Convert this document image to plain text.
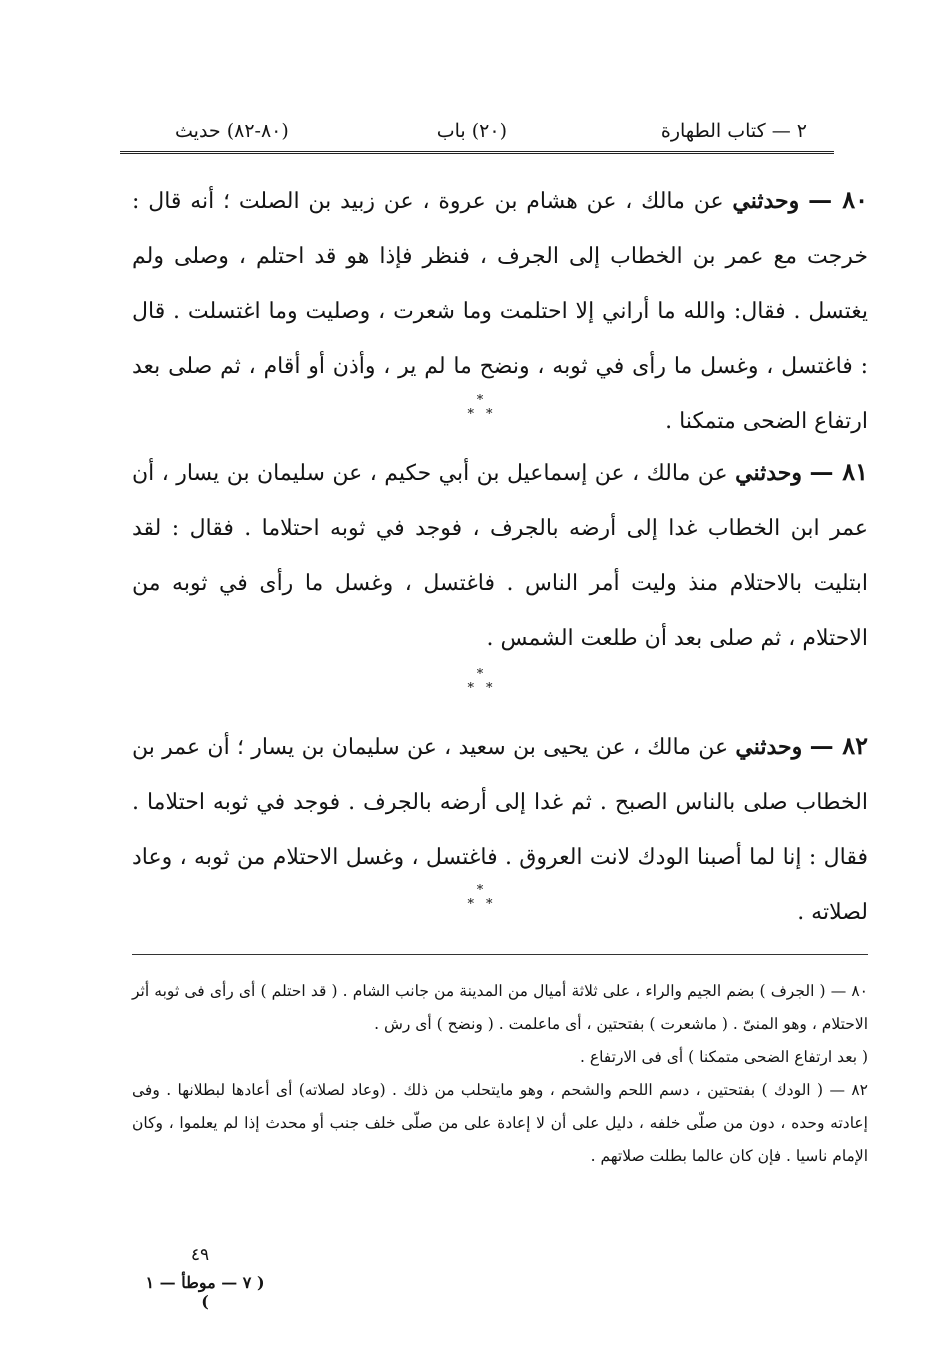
٢ — كتاب الطهارة
(٢٠) باب
(٨٠-٨٢) حديث
٨٠ — وحدثني عن مالك ، عن هشام بن عروة ، عن زبيد بن الصلت ؛ أنه قال : خرجت مع عمر بن الخطاب إلى الجرف ، فنظر فإذا هو قد احتلم ، وصلى ولم يغتسل . فقال: والله ما أراني إلا احتلمت وما شعرت ، وصليت وما اغتسلت . قال : فاغتسل ، وغسل ما رأى في ثوبه ، ونضح ما لم ير ، وأذن أو أقام ، ثم صلى بعد ارتفاع الضحى متمكنا .
*
**
٨١ — وحدثني عن مالك ، عن إسماعيل بن أبي حكيم ، عن سليمان بن يسار ، أن عمر ابن الخطاب غدا إلى أرضه بالجرف ، فوجد في ثوبه احتلاما . فقال : لقد ابتليت بالاحتلام منذ وليت أمر الناس . فاغتسل ، وغسل ما رأى في ثوبه من الاحتلام ، ثم صلى بعد أن طلعت الشمس .
*
**
٨٢ — وحدثني عن مالك ، عن يحيى بن سعيد ، عن سليمان بن يسار ؛ أن عمر بن الخطاب صلى بالناس الصبح . ثم غدا إلى أرضه بالجرف . فوجد في ثوبه احتلاما . فقال : إنا لما أصبنا الودك لانت العروق . فاغتسل ، وغسل الاحتلام من ثوبه ، وعاد لصلاته .
*
**

٨٠ — ( الجرف ) بضم الجيم والراء ، على ثلاثة أميال من المدينة من جانب الشام . ( قد احتلم ) أى رأى فى ثوبه أثر الاحتلام ، وهو المنىّ . ( ماشعرت ) بفتحتين ، أى ماعلمت . ( ونضح ) أى رش .

( بعد ارتفاع الضحى متمكنا ) أى فى الارتفاع .

٨٢ — ( الودك ) بفتحتين ، دسم اللحم والشحم ، وهو مايتحلب من ذلك . (وعاد لصلاته) أى أعادها لبطلانها . وفى إعادته وحده ، دون من صلّى خلفه ، دليل على أن لا إعادة على من صلّى خلف جنب أو محدث إذا لم يعلموا ، وكان الإمام ناسيا . فإن كان عالما بطلت صلاتهم .

٤٩
( ٧ — موطأ — ١ )
